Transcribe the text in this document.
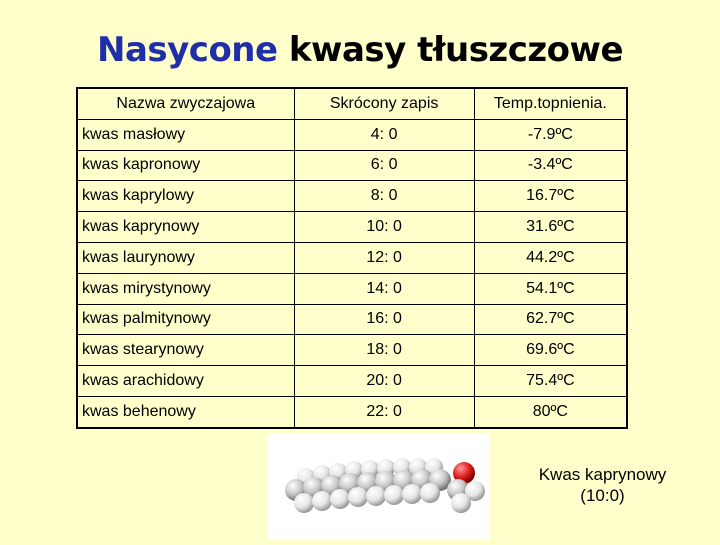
Nasycone kwasy tłuszczowe
Nazwa zwyczajowa	Skrócony zapis	Temp.topnienia.
kwas masłowy	4: 0	-7.9ºC
kwas kapronowy	6: 0	-3.4ºC
kwas kaprylowy	8: 0	16.7ºC
kwas kaprynowy	10: 0	31.6ºC
kwas laurynowy	12: 0	44.2ºC
kwas mirystynowy	14: 0	54.1ºC
kwas palmitynowy	16: 0	62.7ºC
kwas stearynowy	18: 0	69.6ºC
kwas arachidowy	20: 0	75.4ºC
kwas behenowy	22: 0	80ºC
Kwas kaprynowy
(10:0)
